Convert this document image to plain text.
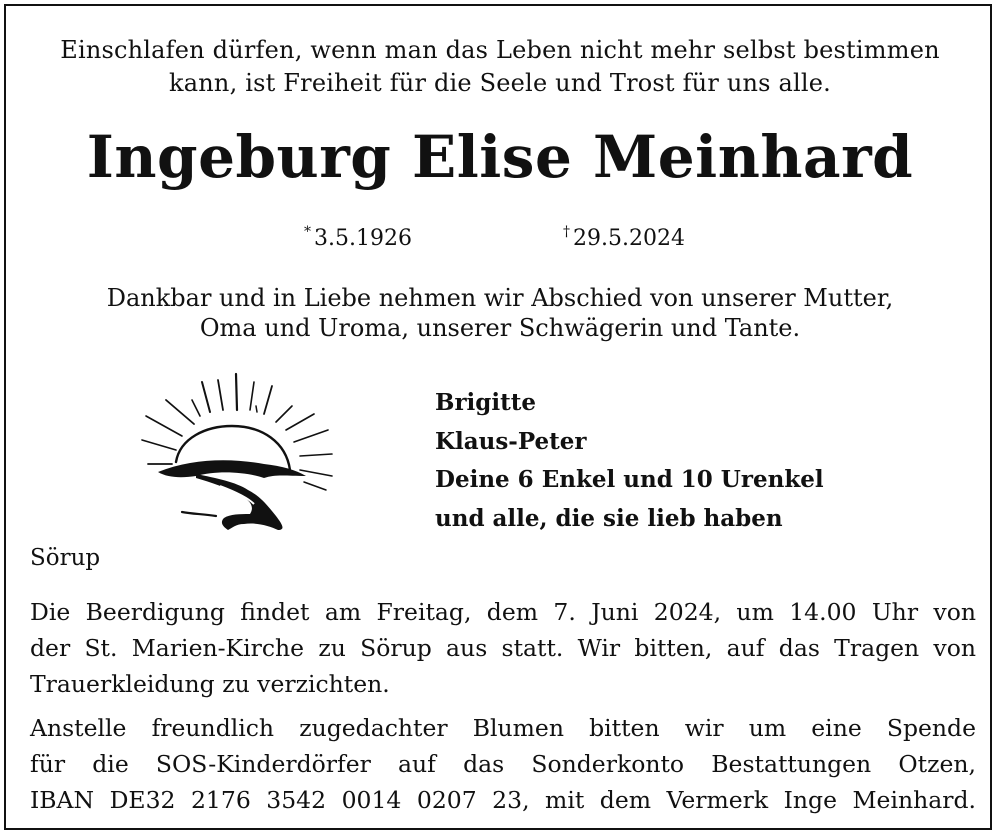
Einschlafen dürfen, wenn man das Leben nicht mehr selbst bestimmen
kann, ist Freiheit für die Seele und Trost für uns alle.
Ingeburg Elise Meinhard
* 3.5.1926	† 29.5.2024
Dankbar und in Liebe nehmen wir Abschied von unserer Mutter,
Oma und Uroma, unserer Schwägerin und Tante.
Brigitte
Klaus-Peter
Deine 6 Enkel und 10 Urenkel
und alle, die sie lieb haben
Sörup
Die Beerdigung findet am Freitag, dem 7. Juni 2024, um 14.00 Uhr von
der St. Marien-Kirche zu Sörup aus statt. Wir bitten, auf das Tragen von
Trauerkleidung zu verzichten.
Anstelle freundlich zugedachter Blumen bitten wir um eine Spende
für die SOS-Kinderdörfer auf das Sonderkonto Bestattungen Otzen,
IBAN DE32 2176 3542 0014 0207 23, mit dem Vermerk Inge Meinhard.
